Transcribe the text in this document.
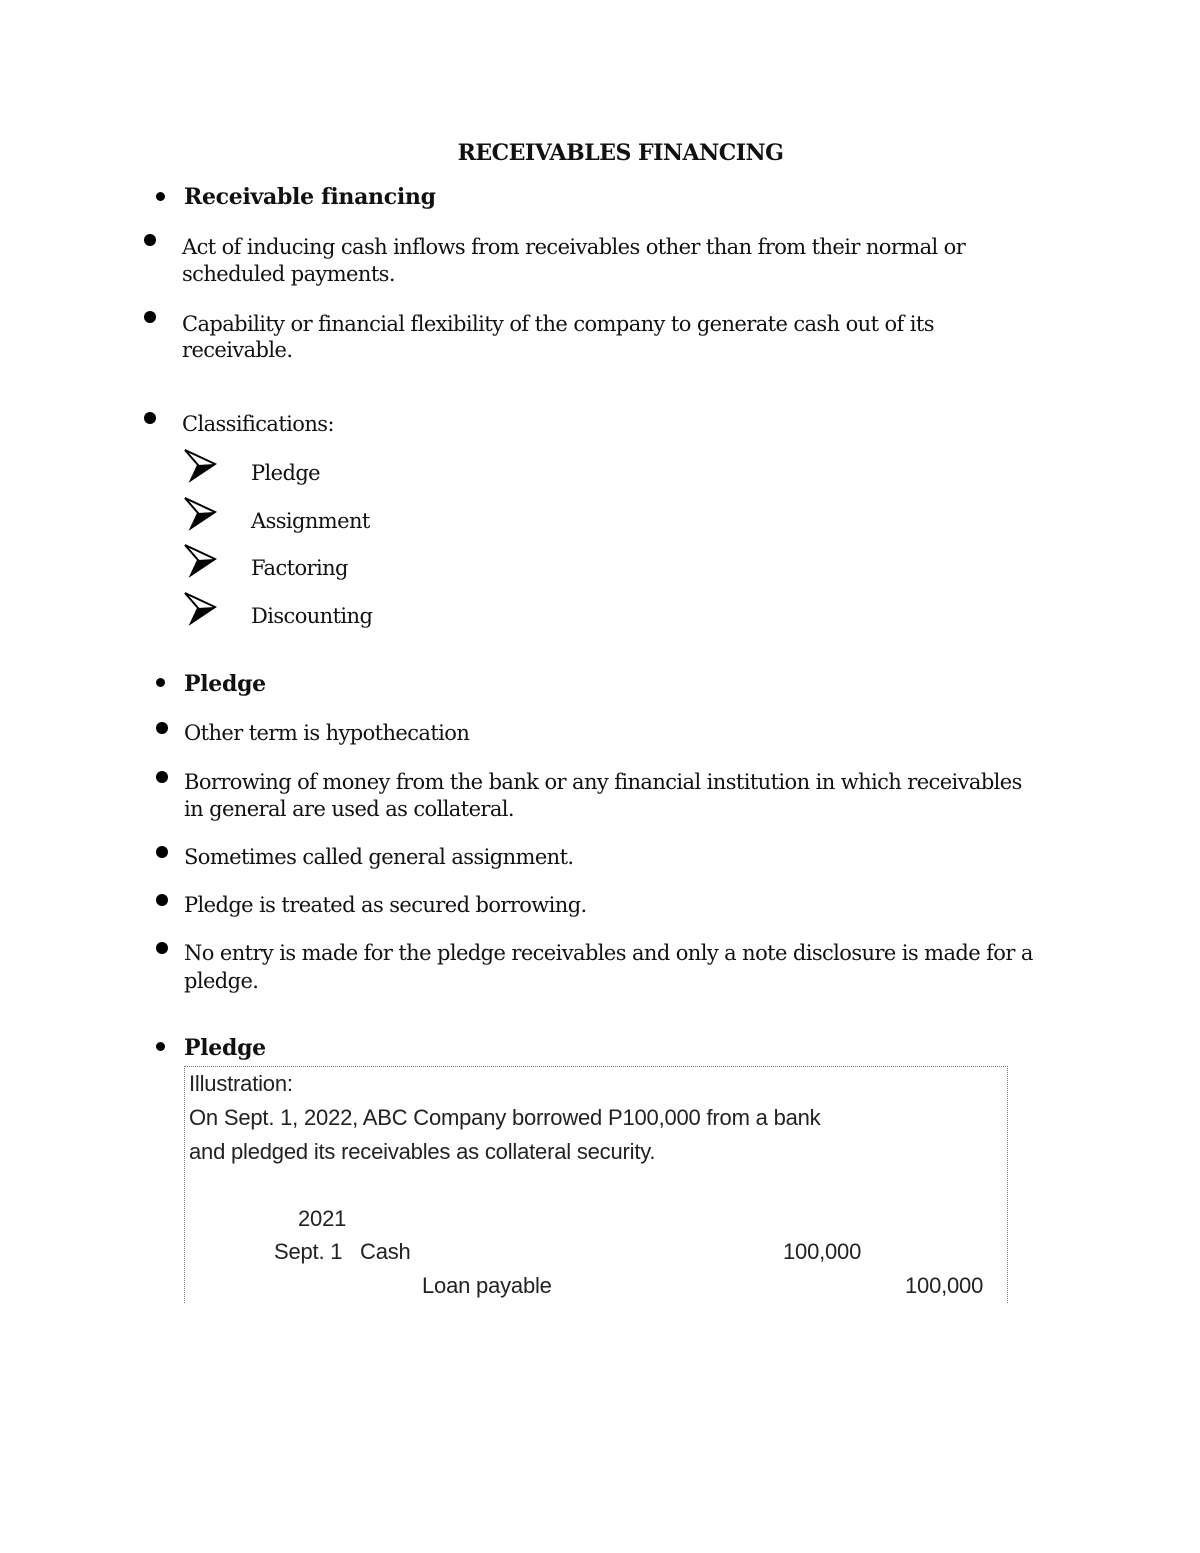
RECEIVABLES FINANCING
Receivable financing
Act of inducing cash inflows from receivables other than from their normal or
scheduled payments.
Capability or financial flexibility of the company to generate cash out of its
receivable.
Classifications:
Pledge
Assignment
Factoring
Discounting
Pledge
Other term is hypothecation
Borrowing of money from the bank or any financial institution in which receivables
in general are used as collateral.
Sometimes called general assignment.
Pledge is treated as secured borrowing.
No entry is made for the pledge receivables and only a note disclosure is made for a
pledge.
Pledge
Illustration:
On Sept. 1, 2022, ABC Company borrowed P100,000 from a bank
and pledged its receivables as collateral security.
2021
Sept. 1 Cash	100,000
Loan payable	100,000
